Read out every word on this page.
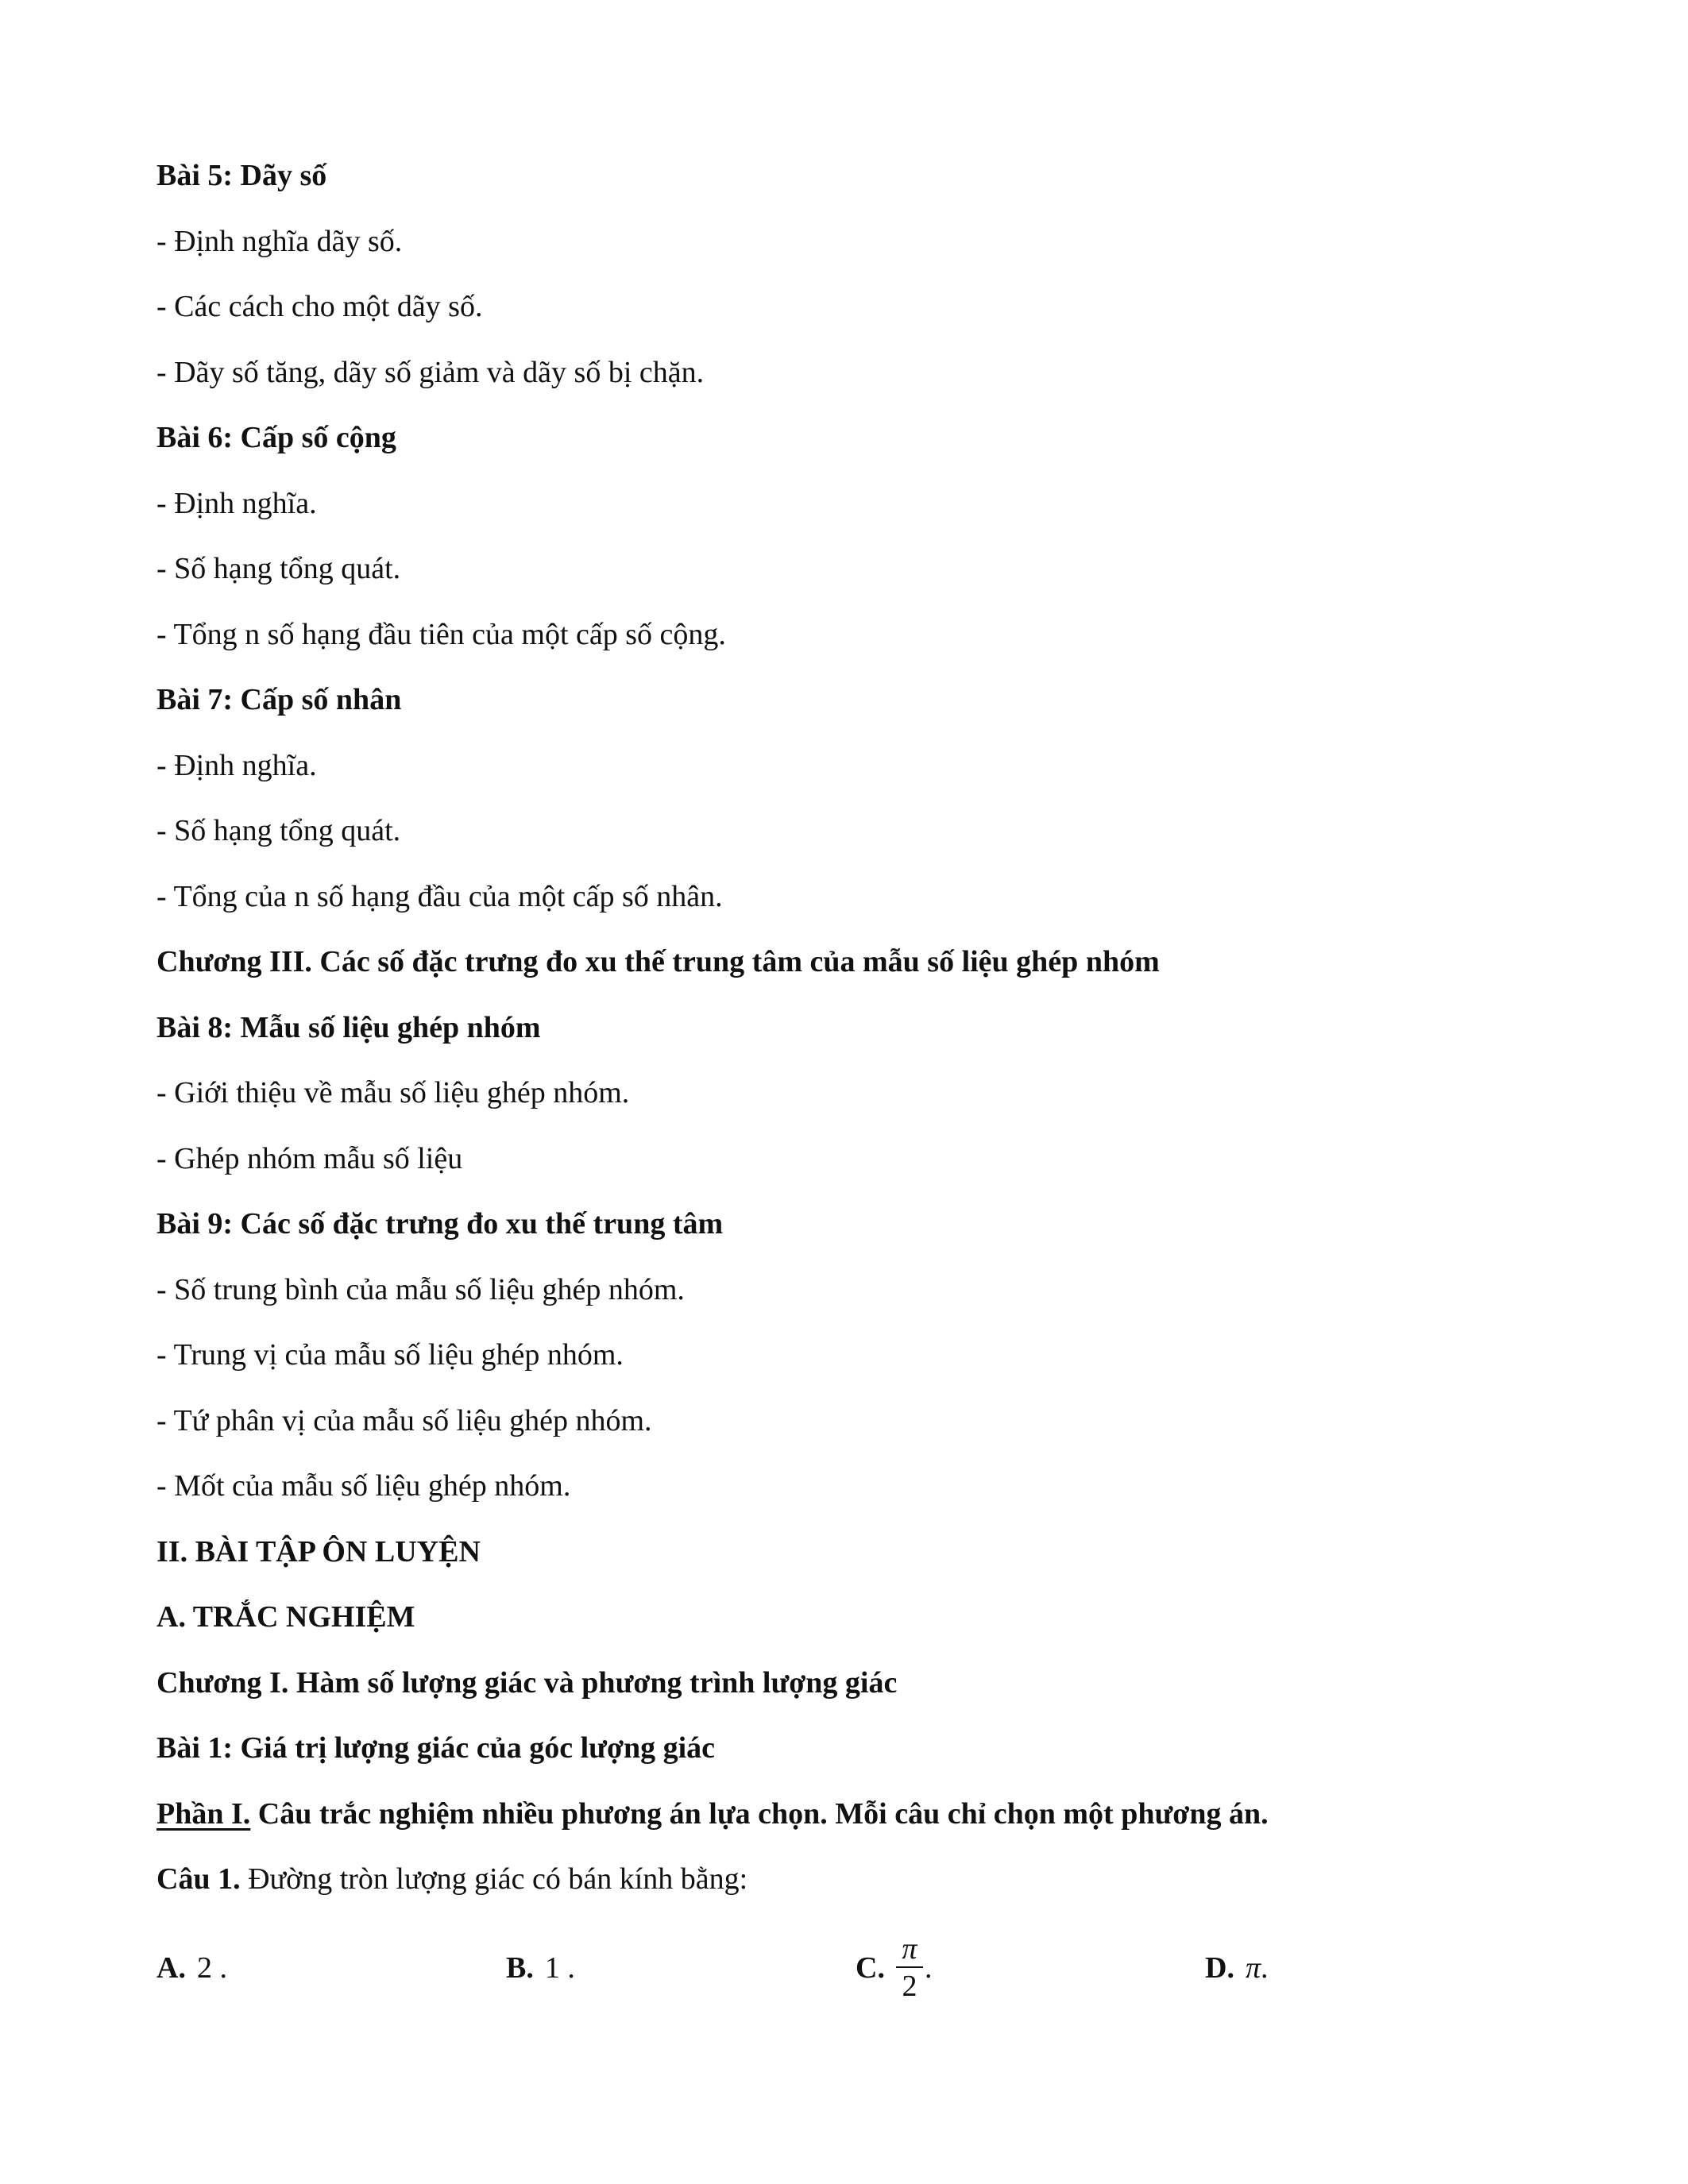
Bài 5: Dãy số
- Định nghĩa dãy số.
- Các cách cho một dãy số.
- Dãy số tăng, dãy số giảm và dãy số bị chặn.
Bài 6: Cấp số cộng
- Định nghĩa.
- Số hạng tổng quát.
- Tổng n số hạng đầu tiên của một cấp số cộng.
Bài 7: Cấp số nhân
- Định nghĩa.
- Số hạng tổng quát.
- Tổng của n số hạng đầu của một cấp số nhân.
Chương III. Các số đặc trưng đo xu thế trung tâm của mẫu số liệu ghép nhóm
Bài 8: Mẫu số liệu ghép nhóm
- Giới thiệu về mẫu số liệu ghép nhóm.
- Ghép nhóm mẫu số liệu
Bài 9: Các số đặc trưng đo xu thế trung tâm
- Số trung bình của mẫu số liệu ghép nhóm.
- Trung vị của mẫu số liệu ghép nhóm.
- Tứ phân vị của mẫu số liệu ghép nhóm.
- Mốt của mẫu số liệu ghép nhóm.
II. BÀI TẬP ÔN LUYỆN
A. TRẮC NGHIỆM
Chương I. Hàm số lượng giác và phương trình lượng giác
Bài 1: Giá trị lượng giác của góc lượng giác
Phần I. Câu trắc nghiệm nhiều phương án lựa chọn. Mỗi câu chỉ chọn một phương án.
Câu 1. Đường tròn lượng giác có bán kính bằng:
A. 2 .	B. 1 .	C. $\frac{\pi}{2}$ .	D. π .
